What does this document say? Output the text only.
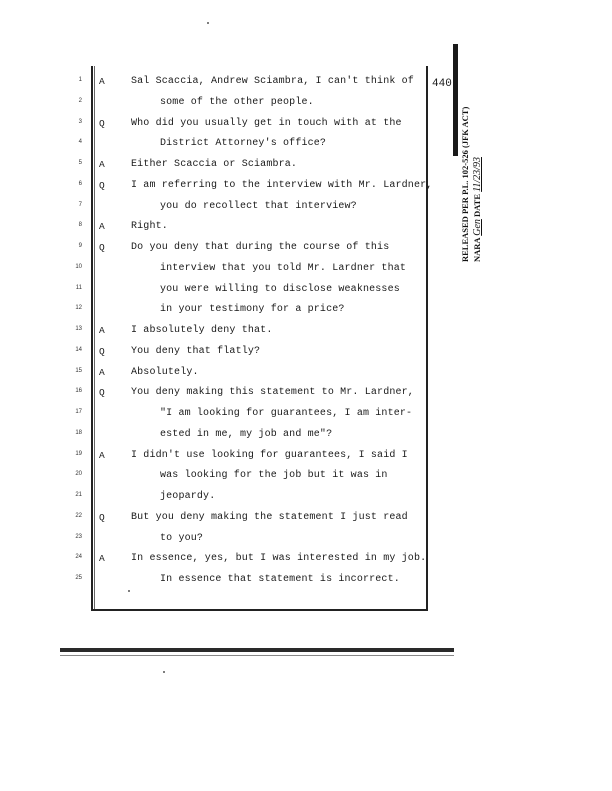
440
1 A	Sal Scaccia, Andrew Sciambra, I can't think of
2	some of the other people.
3 Q	Who did you usually get in touch with at the
4	District Attorney's office?
5 A	Either Scaccia or Sciambra.
6 Q	I am referring to the interview with Mr. Lardner,
7	you do recollect that interview?
8 A	Right.
9 Q	Do you deny that during the course of this
10	interview that you told Mr. Lardner that
11	you were willing to disclose weaknesses
12	in your testimony for a price?
13 A	I absolutely deny that.
14 Q	You deny that flatly?
15 A	Absolutely.
16 Q	You deny making this statement to Mr. Lardner,
17	"I am looking for guarantees, I am inter-
18	ested in me, my job and me"?
19 A	I didn't use looking for guarantees, I said I
20	was looking for the job but it was in
21	jeopardy.
22 Q	But you deny making the statement I just read
23	to you?
24 A	In essence, yes, but I was interested in my job.
25	In essence that statement is incorrect.
RELEASED PER P.L. 102-526 (JFK ACT) NARA Gen DATE 11/23/93
